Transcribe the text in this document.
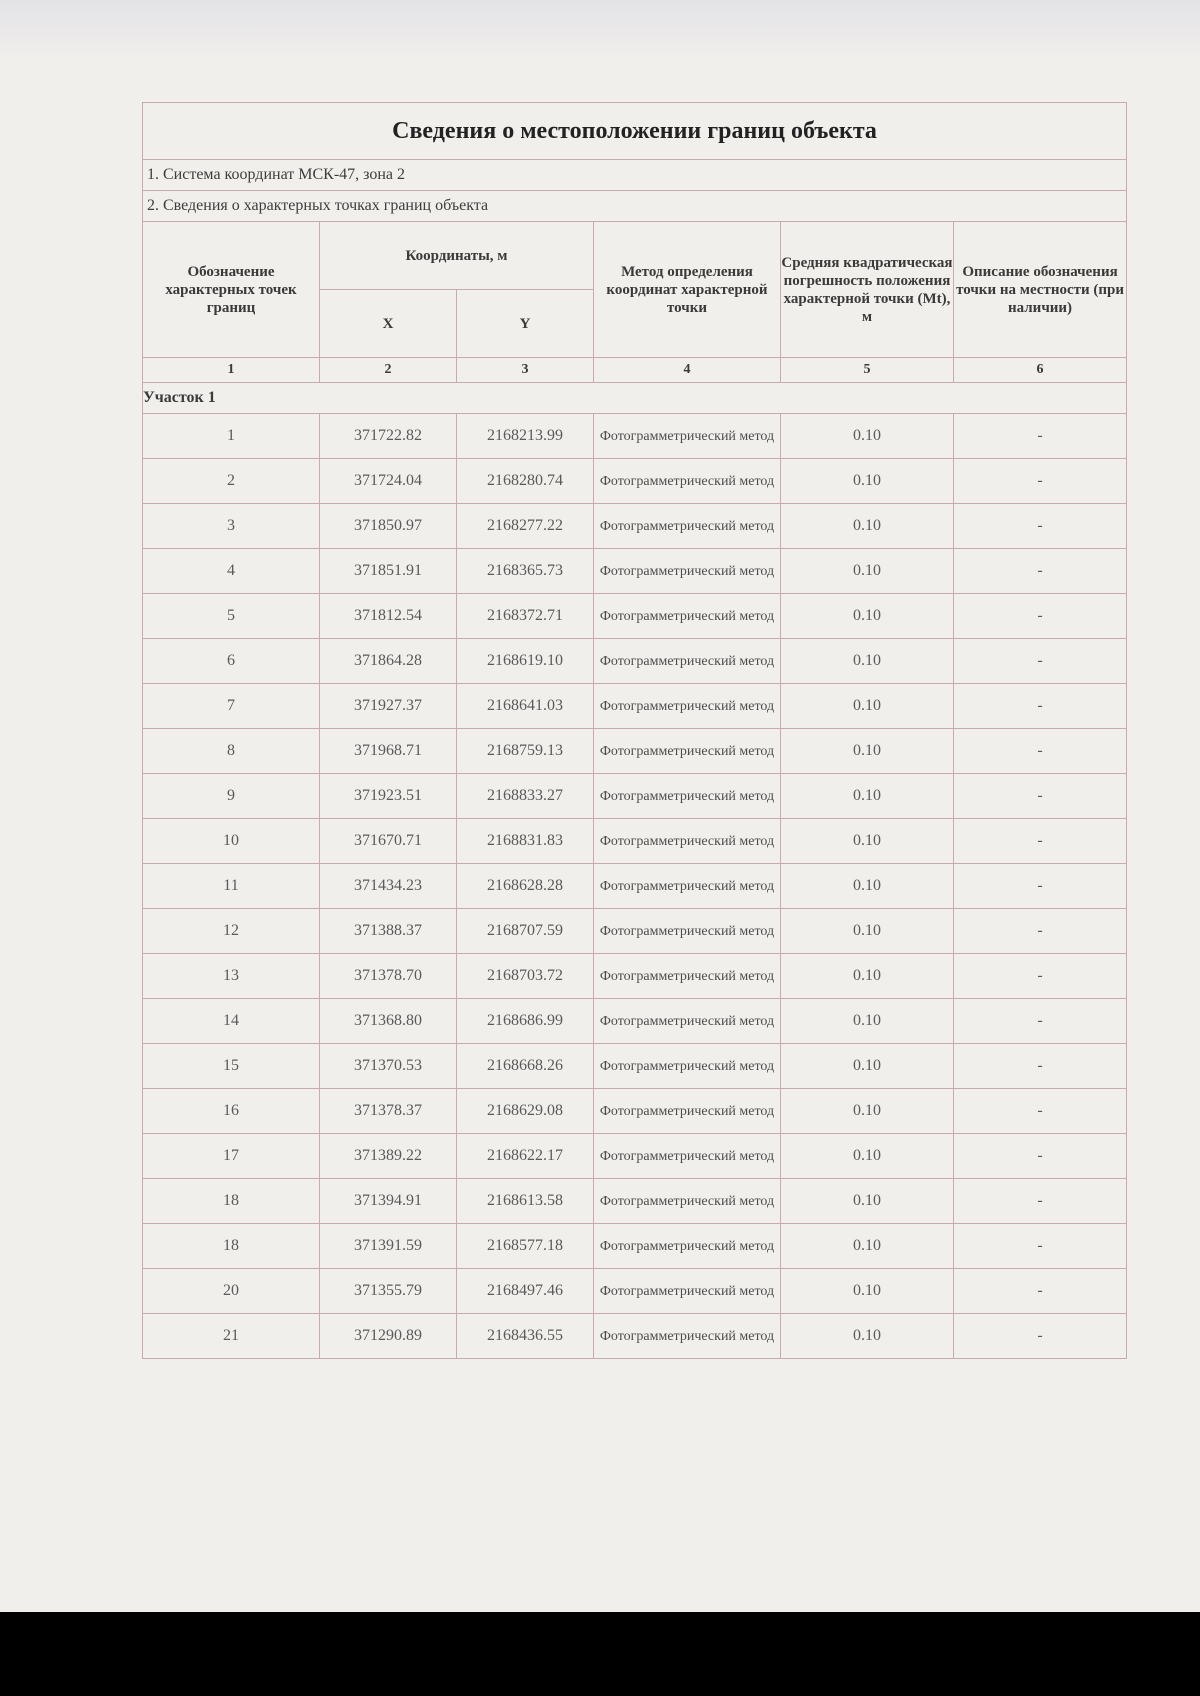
Сведения о местоположении границ объекта					
1. Система координат МСК-47, зона 2					
2. Сведения о характерных точках границ объекта					
Обозначение характерных точек границ	Координаты, м		Метод определения координат характерной точки	Средняя квадратическая погрешность положения характерной точки (Mt), м	Описание обозначения точки на местности (при наличии)
	X	Y			
1	2	3	4	5	6
Участок 1					
1	371722.82	2168213.99	Фотограмметрический метод	0.10	-
2	371724.04	2168280.74	Фотограмметрический метод	0.10	-
3	371850.97	2168277.22	Фотограмметрический метод	0.10	-
4	371851.91	2168365.73	Фотограмметрический метод	0.10	-
5	371812.54	2168372.71	Фотограмметрический метод	0.10	-
6	371864.28	2168619.10	Фотограмметрический метод	0.10	-
7	371927.37	2168641.03	Фотограмметрический метод	0.10	-
8	371968.71	2168759.13	Фотограмметрический метод	0.10	-
9	371923.51	2168833.27	Фотограмметрический метод	0.10	-
10	371670.71	2168831.83	Фотограмметрический метод	0.10	-
11	371434.23	2168628.28	Фотограмметрический метод	0.10	-
12	371388.37	2168707.59	Фотограмметрический метод	0.10	-
13	371378.70	2168703.72	Фотограмметрический метод	0.10	-
14	371368.80	2168686.99	Фотограмметрический метод	0.10	-
15	371370.53	2168668.26	Фотограмметрический метод	0.10	-
16	371378.37	2168629.08	Фотограмметрический метод	0.10	-
17	371389.22	2168622.17	Фотограмметрический метод	0.10	-
18	371394.91	2168613.58	Фотограмметрический метод	0.10	-
18	371391.59	2168577.18	Фотограмметрический метод	0.10	-
20	371355.79	2168497.46	Фотограмметрический метод	0.10	-
21	371290.89	2168436.55	Фотограмметрический метод	0.10	-
